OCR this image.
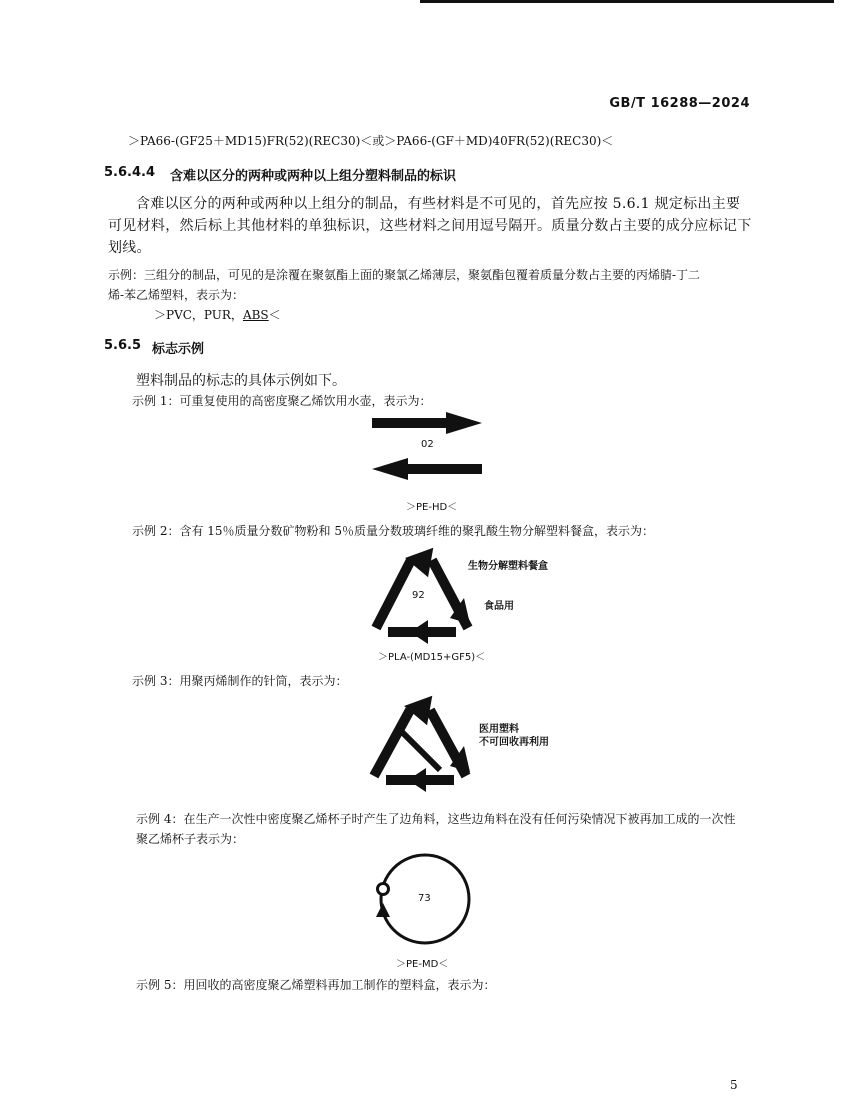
GB/T 16288—2024
＞PA66-(GF25＋MD15)FR(52)(REC30)＜或＞PA66-(GF＋MD)40FR(52)(REC30)＜
5.6.4.4 含难以区分的两种或两种以上组分塑料制品的标识
含难以区分的两种或两种以上组分的制品，有些材料是不可见的，首先应按 5.6.1 规定标出主要可见材料，然后标上其他材料的单独标识，这些材料之间用逗号隔开。质量分数占主要的成分应标记下划线。
示例：三组分的制品，可见的是涂覆在聚氨酯上面的聚氯乙烯薄层，聚氨酯包覆着质量分数占主要的丙烯腈-丁二
烯-苯乙烯塑料，表示为：
＞PVC，PUR，ABS＜
5.6.5 标志示例
塑料制品的标志的具体示例如下。
示例 1：可重复使用的高密度聚乙烯饮用水壶，表示为：
02
＞PE-HD＜
示例 2：含有 15％质量分数矿物粉和 5％质量分数玻璃纤维的聚乳酸生物分解塑料餐盒，表示为：
92
生物分解塑料餐盒
食品用
＞PLA-(MD15+GF5)＜
示例 3：用聚丙烯制作的针筒，表示为：
医用塑料
不可回收再利用
示例 4：在生产一次性中密度聚乙烯杯子时产生了边角料，这些边角料在没有任何污染情况下被再加工成的一次性
聚乙烯杯子表示为：
73
＞PE-MD＜
示例 5：用回收的高密度聚乙烯塑料再加工制作的塑料盒，表示为：
5
